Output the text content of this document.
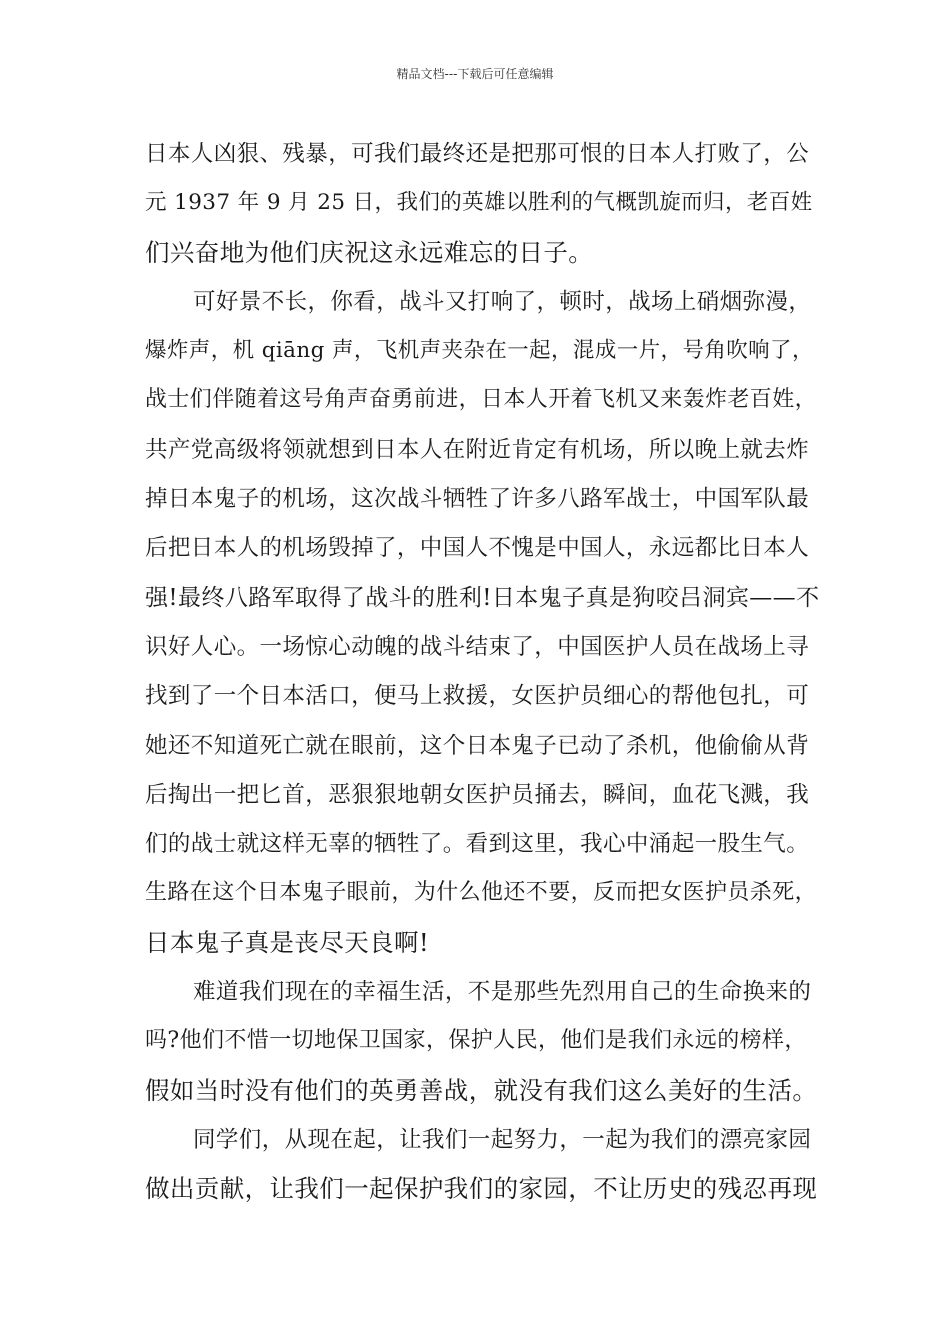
精品文档---下载后可任意编辑
日本人凶狠、残暴，可我们最终还是把那可恨的日本人打败了，公
元 1937 年 9 月 25 日，我们的英雄以胜利的气概凯旋而归，老百姓
们兴奋地为他们庆祝这永远难忘的日子。
可好景不长，你看，战斗又打响了，顿时，战场上硝烟弥漫，
爆炸声，机 qiāng 声，飞机声夹杂在一起，混成一片，号角吹响了，
战士们伴随着这号角声奋勇前进，日本人开着飞机又来轰炸老百姓，
共产党高级将领就想到日本人在附近肯定有机场，所以晚上就去炸
掉日本鬼子的机场，这次战斗牺牲了许多八路军战士，中国军队最
后把日本人的机场毁掉了，中国人不愧是中国人，永远都比日本人
强!最终八路军取得了战斗的胜利!日本鬼子真是狗咬吕洞宾——不
识好人心。一场惊心动魄的战斗结束了，中国医护人员在战场上寻
找到了一个日本活口，便马上救援，女医护员细心的帮他包扎，可
她还不知道死亡就在眼前，这个日本鬼子已动了杀机，他偷偷从背
后掏出一把匕首，恶狠狠地朝女医护员捅去，瞬间，血花飞溅，我
们的战士就这样无辜的牺牲了。看到这里，我心中涌起一股生气。
生路在这个日本鬼子眼前，为什么他还不要，反而把女医护员杀死，
日本鬼子真是丧尽天良啊!
难道我们现在的幸福生活，不是那些先烈用自己的生命换来的
吗?他们不惜一切地保卫国家，保护人民，他们是我们永远的榜样，
假如当时没有他们的英勇善战，就没有我们这么美好的生活。
同学们，从现在起，让我们一起努力，一起为我们的漂亮家园
做出贡献，让我们一起保护我们的家园，不让历史的残忍再现
